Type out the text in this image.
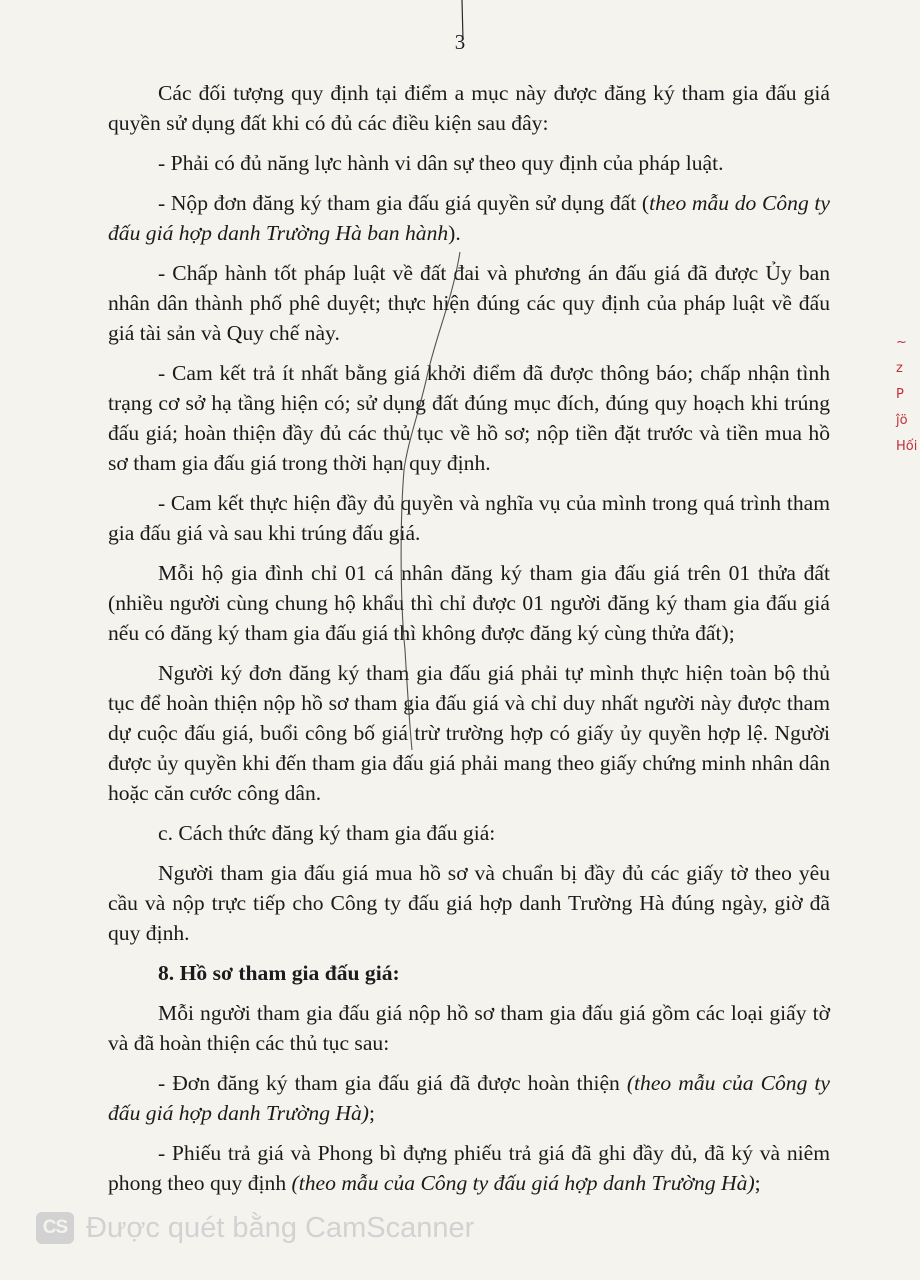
3

Các đối tượng quy định tại điểm a mục này được đăng ký tham gia đấu giá quyền sử dụng đất khi có đủ các điều kiện sau đây:

- Phải có đủ năng lực hành vi dân sự theo quy định của pháp luật.

- Nộp đơn đăng ký tham gia đấu giá quyền sử dụng đất (theo mẫu do Công ty đấu giá hợp danh Trường Hà ban hành).

- Chấp hành tốt pháp luật về đất đai và phương án đấu giá đã được Ủy ban nhân dân thành phố phê duyệt; thực hiện đúng các quy định của pháp luật về đấu giá tài sản và Quy chế này.

- Cam kết trả ít nhất bằng giá khởi điểm đã được thông báo; chấp nhận tình trạng cơ sở hạ tầng hiện có; sử dụng đất đúng mục đích, đúng quy hoạch khi trúng đấu giá; hoàn thiện đầy đủ các thủ tục về hồ sơ; nộp tiền đặt trước và tiền mua hồ sơ tham gia đấu giá trong thời hạn quy định.

- Cam kết thực hiện đầy đủ quyền và nghĩa vụ của mình trong quá trình tham gia đấu giá và sau khi trúng đấu giá.

Mỗi hộ gia đình chỉ 01 cá nhân đăng ký tham gia đấu giá trên 01 thửa đất (nhiều người cùng chung hộ khẩu thì chỉ được 01 người đăng ký tham gia đấu giá nếu có đăng ký tham gia đấu giá thì không được đăng ký cùng thửa đất);

Người ký đơn đăng ký tham gia đấu giá phải tự mình thực hiện toàn bộ thủ tục để hoàn thiện nộp hồ sơ tham gia đấu giá và chỉ duy nhất người này được tham dự cuộc đấu giá, buổi công bố giá trừ trường hợp có giấy ủy quyền hợp lệ. Người được ủy quyền khi đến tham gia đấu giá phải mang theo giấy chứng minh nhân dân hoặc căn cước công dân.

c. Cách thức đăng ký tham gia đấu giá:

Người tham gia đấu giá mua hồ sơ và chuẩn bị đầy đủ các giấy tờ theo yêu cầu và nộp trực tiếp cho Công ty đấu giá hợp danh Trường Hà đúng ngày, giờ đã quy định.

8. Hồ sơ tham gia đấu giá:

Mỗi người tham gia đấu giá nộp hồ sơ tham gia đấu giá gồm các loại giấy tờ và đã hoàn thiện các thủ tục sau:

- Đơn đăng ký tham gia đấu giá đã được hoàn thiện (theo mẫu của Công ty đấu giá hợp danh Trường Hà);

- Phiếu trả giá và Phong bì đựng phiếu trả giá đã ghi đầy đủ, đã ký và niêm phong theo quy định (theo mẫu của Công ty đấu giá hợp danh Trường Hà);

~
z
P
ĵö
Hối
CS Được quét bằng CamScanner
